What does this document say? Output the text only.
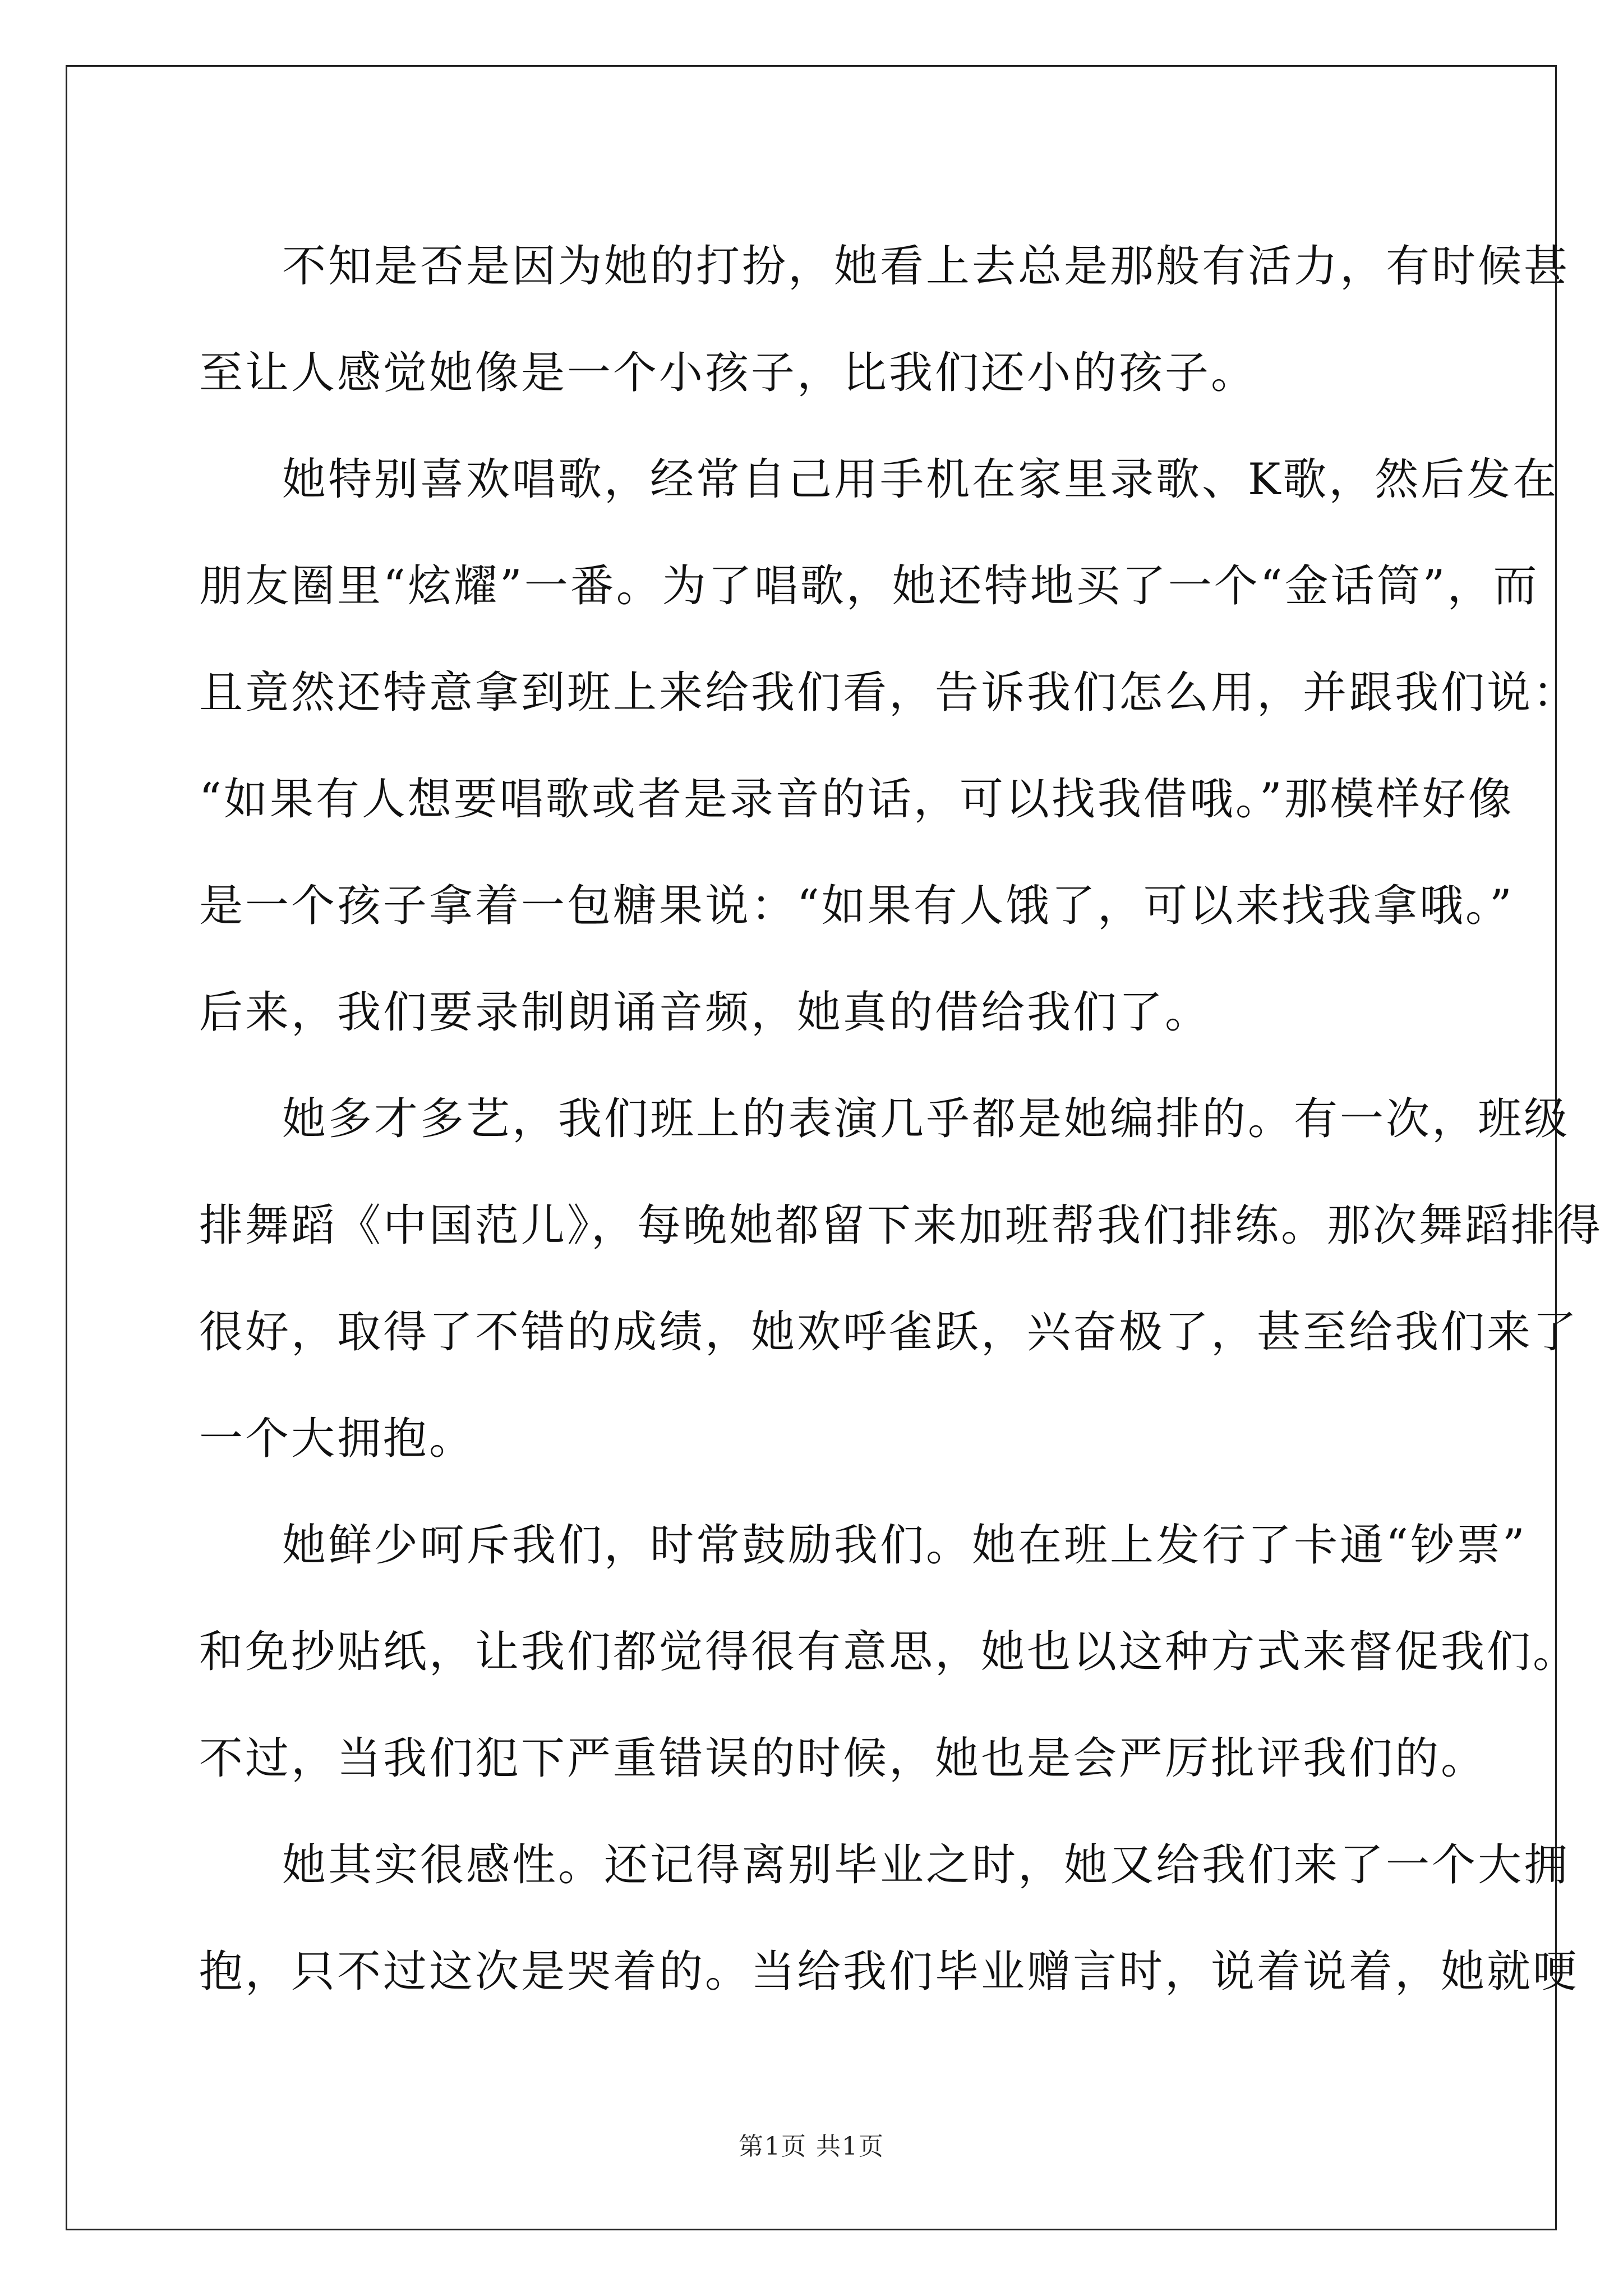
不知是否是因为她的打扮，她看上去总是那般有活力，有时候甚
至让人感觉她像是一个小孩子，比我们还小的孩子。
她特别喜欢唱歌，经常自己用手机在家里录歌、K歌，然后发在
朋友圈里“炫耀”一番。为了唱歌，她还特地买了一个“金话筒”，而
且竟然还特意拿到班上来给我们看，告诉我们怎么用，并跟我们说：
“如果有人想要唱歌或者是录音的话，可以找我借哦。”那模样好像
是一个孩子拿着一包糖果说：“如果有人饿了，可以来找我拿哦。”
后来，我们要录制朗诵音频，她真的借给我们了。
她多才多艺，我们班上的表演几乎都是她编排的。有一次，班级
排舞蹈《中国范儿》，每晚她都留下来加班帮我们排练。那次舞蹈排得
很好，取得了不错的成绩，她欢呼雀跃，兴奋极了，甚至给我们来了
一个大拥抱。
她鲜少呵斥我们，时常鼓励我们。她在班上发行了卡通“钞票”
和免抄贴纸，让我们都觉得很有意思，她也以这种方式来督促我们。
不过，当我们犯下严重错误的时候，她也是会严厉批评我们的。
她其实很感性。还记得离别毕业之时，她又给我们来了一个大拥
抱，只不过这次是哭着的。当给我们毕业赠言时，说着说着，她就哽
第1页 共1页
